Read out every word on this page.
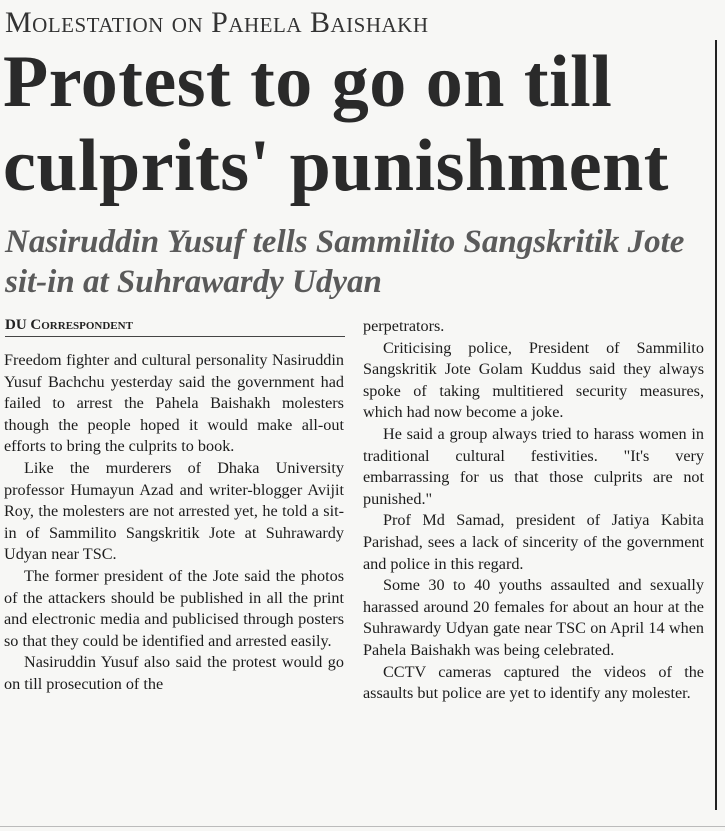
Molestation on Pahela Baishakh
Protest to go on till culprits' punishment
Nasiruddin Yusuf tells Sammilito Sangskritik Jote sit-in at Suhrawardy Udyan
DU Correspondent

Freedom fighter and cultural personality Nasiruddin Yusuf Bachchu yesterday said the government had failed to arrest the Pahela Baishakh molesters though the people hoped it would make all-out efforts to bring the culprits to book.

Like the murderers of Dhaka University professor Humayun Azad and writer-blogger Avijit Roy, the molesters are not arrested yet, he told a sit-in of Sammilito Sangskritik Jote at Suhrawardy Udyan near TSC.

The former president of the Jote said the photos of the attackers should be published in all the print and electronic media and publicised through posters so that they could be identified and arrested easily.

Nasiruddin Yusuf also said the protest would go on till prosecution of the

perpetrators.

Criticising police, President of Sammilito Sangskritik Jote Golam Kuddus said they always spoke of taking multitiered security measures, which had now become a joke.

He said a group always tried to harass women in traditional cultural festivities. "It's very embarrassing for us that those culprits are not punished."

Prof Md Samad, president of Jatiya Kabita Parishad, sees a lack of sincerity of the government and police in this regard.

Some 30 to 40 youths assaulted and sexually harassed around 20 females for about an hour at the Suhrawardy Udyan gate near TSC on April 14 when Pahela Baishakh was being celebrated.

CCTV cameras captured the videos of the assaults but police are yet to identify any molester.
